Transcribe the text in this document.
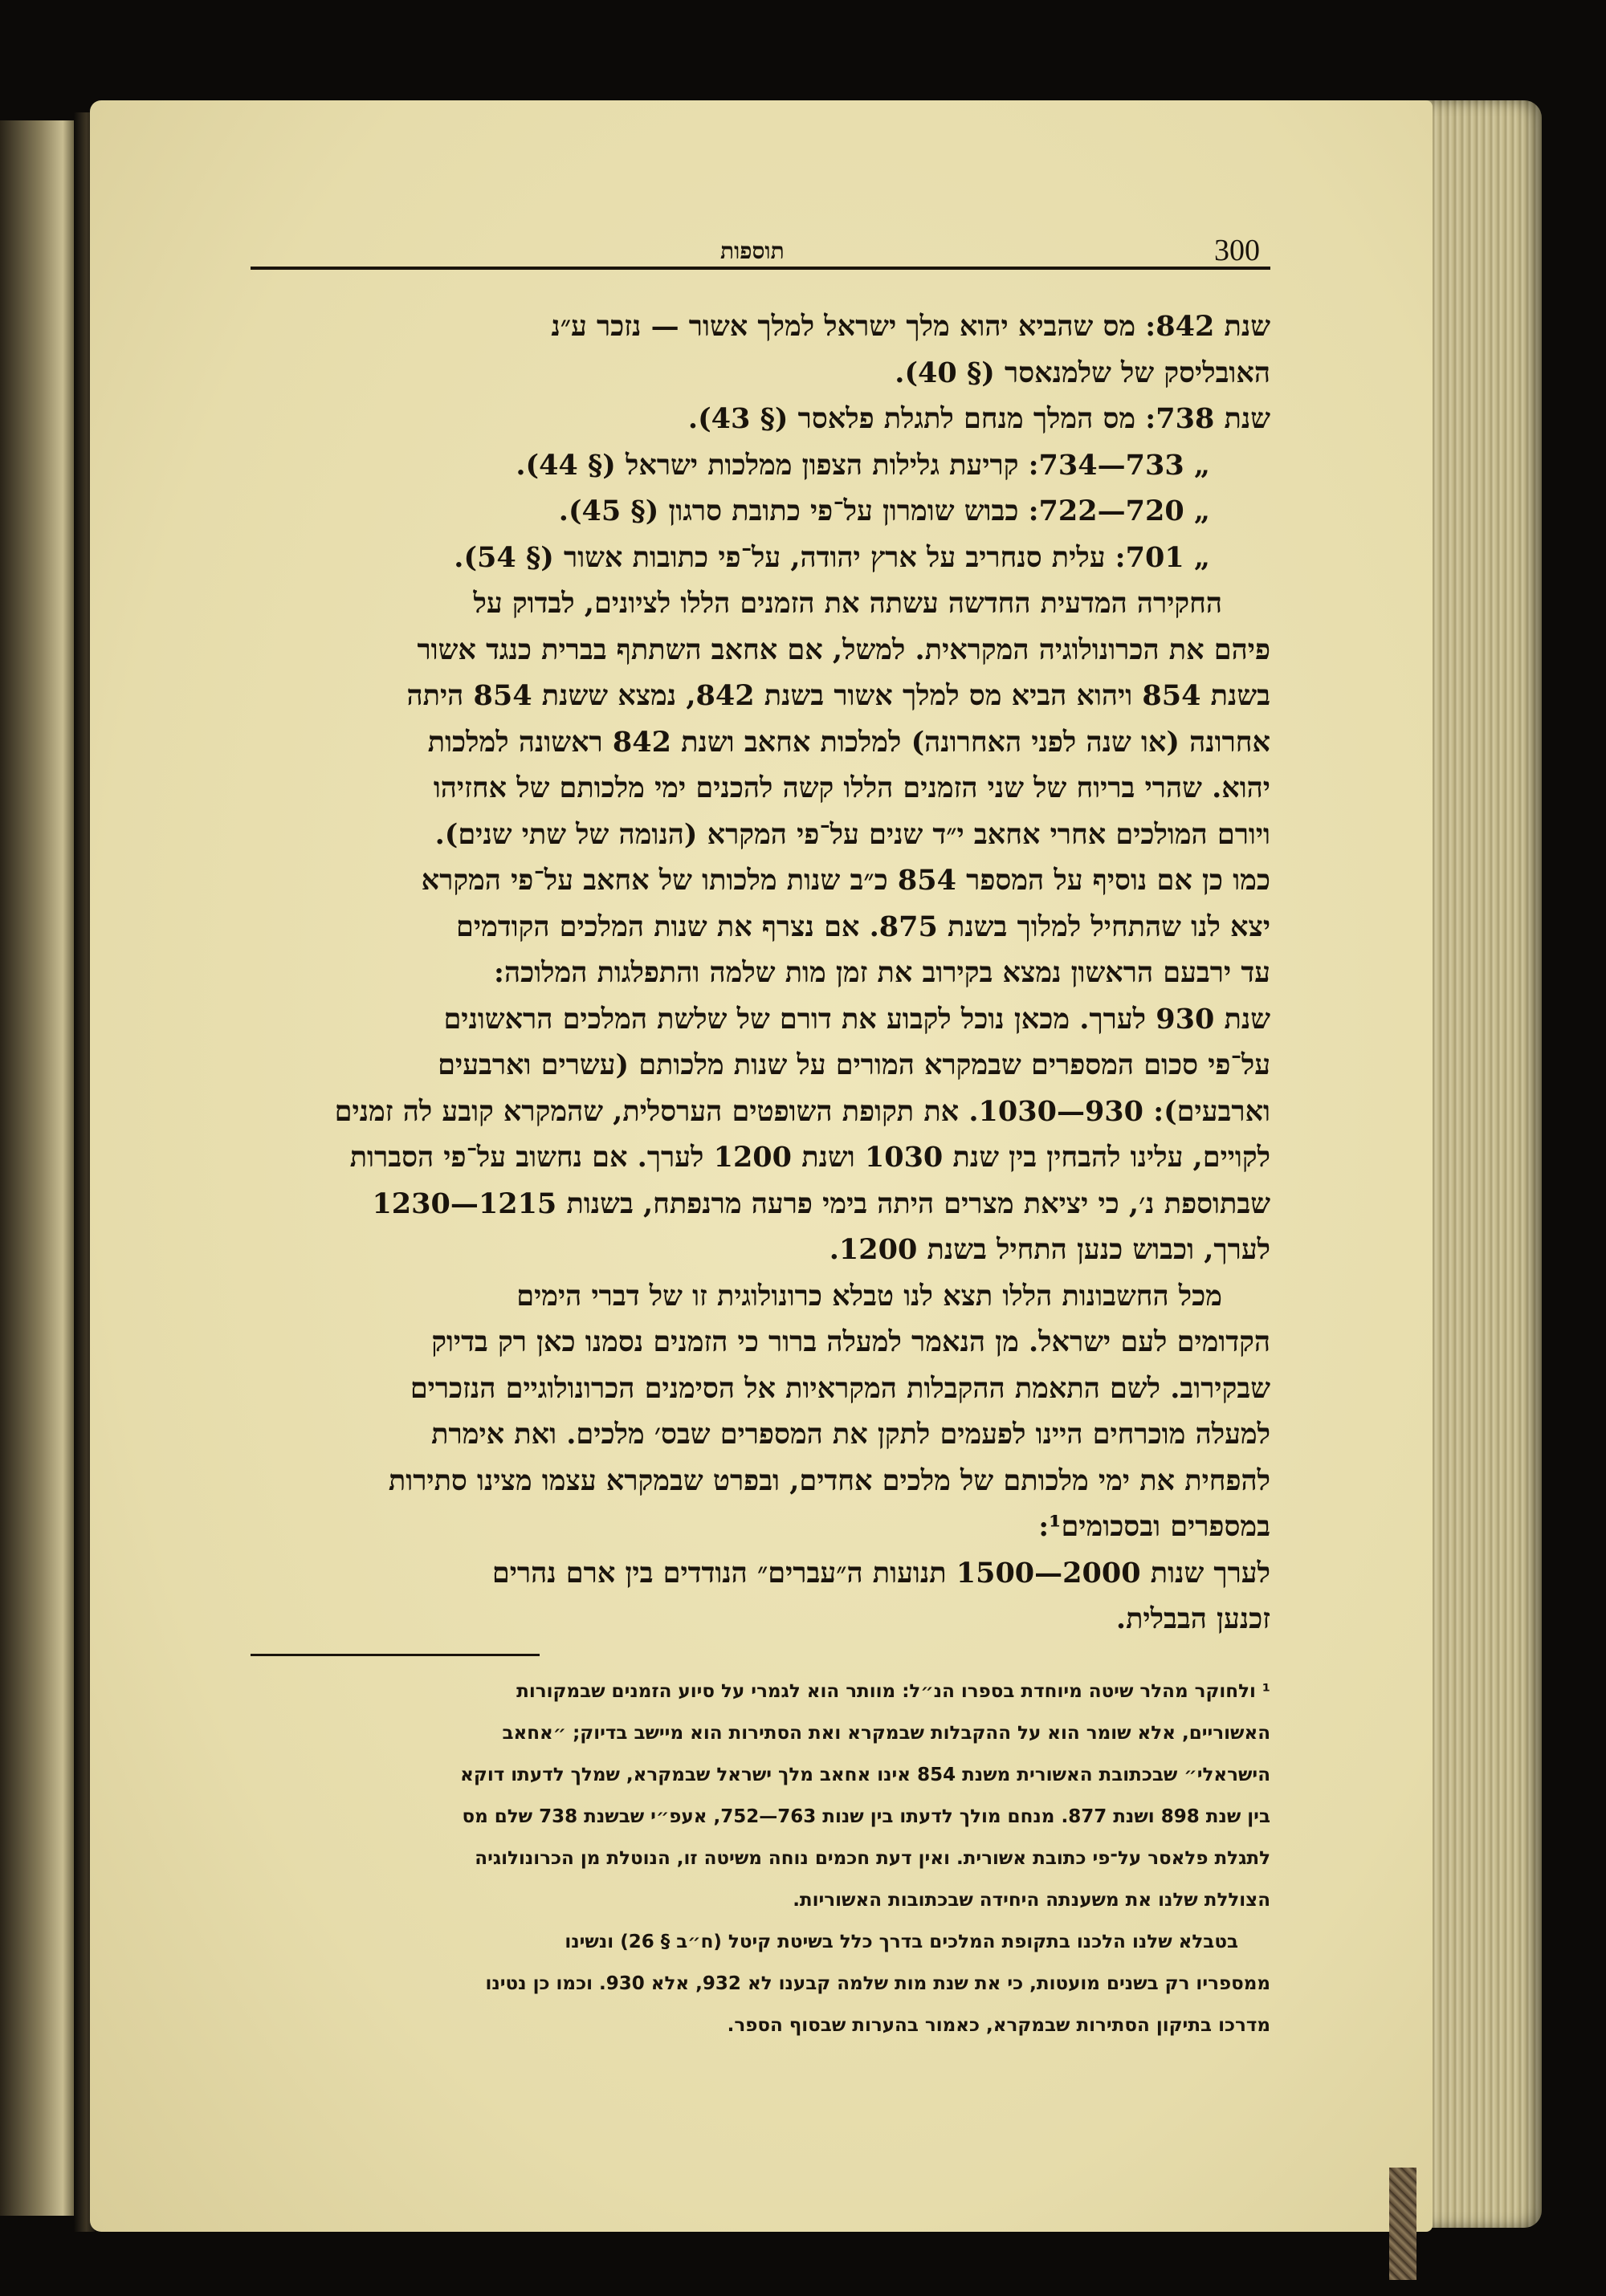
תוספות	300

שנת 842: מס שהביא יהוא מלך ישראל למלך אשור — נזכר ע״נ

האובליסק של שלמנאסר (§ 40).

שנת 738: מס המלך מנחם לתגלת פלאסר (§ 43).

„ 733—734: קריעת גלילות הצפון ממלכות ישראל (§ 44).

„ 720—722: כבוש שומרון על־פי כתובת סרגון (§ 45).

„ 701: עלית סנחריב על ארץ יהודה, על־פי כתובות אשור (§ 54).

החקירה המדעית החדשה עשתה את הזמנים הללו לציונים, לבדוק על

פיהם את הכרונולוגיה המקראית. למשל, אם אחאב השתתף בברית כנגד אשור

בשנת 854 ויהוא הביא מס למלך אשור בשנת 842, נמצא ששנת 854 היתה

אחרונה (או שנה לפני האחרונה) למלכות אחאב ושנת 842 ראשונה למלכות

יהוא. שהרי בריוח של שני הזמנים הללו קשה להכנים ימי מלכותם של אחזיהו

ויורם המולכים אחרי אחאב י״ד שנים על־פי המקרא (הנומה של שתי שנים).

כמו כן אם נוסיף על המספר 854 כ״ב שנות מלכותו של אחאב על־פי המקרא

יצא לנו שהתחיל למלוך בשנת 875. אם נצרף את שנות המלכים הקודמים

עד ירבעם הראשון נמצא בקירוב את זמן מות שלמה והתפלגות המלוכה:

שנת 930 לערך. מכאן נוכל לקבוע את דורם של שלשת המלכים הראשונים

על־פי סכום המספרים שבמקרא המורים על שנות מלכותם (עשרים וארבעים

וארבעים): 930—1030. את תקופת השופטים הערסלית, שהמקרא קובע לה זמנים

לקויים, עלינו להבחין בין שנת 1030 ושנת 1200 לערך. אם נחשוב על־פי הסברות

שבתוספת נ׳, כי יציאת מצרים היתה בימי פרעה מרנפתח, בשנות 1215—1230

לערך, וכבוש כנען התחיל בשנת 1200.

מכל החשבונות הללו תצא לנו טבלא כרונולוגית זו של דברי הימים

הקדומים לעם ישראל. מן הנאמר למעלה ברור כי הזמנים נסמנו כאן רק בדיוק

שבקירוב. לשם התאמת ההקבלות המקראיות אל הסימנים הכרונולוגיים הנזכרים

למעלה מוכרחים היינו לפעמים לתקן את המספרים שבס׳ מלכים. ואת אימרת

להפחית את ימי מלכותם של מלכים אחדים, ובפרט שבמקרא עצמו מצינו סתירות

במספרים ובסכומים¹:

לערך שנות 2000—1500 תנועות ה״עברים״ הנודדים בין ארם נהרים

זכנען הבבלית.

¹ ולחוקר מהלר שיטה מיוחדת בספרו הנ״ל: מוותר הוא לגמרי על סיוע הזמנים שבמקורות

האשוריים, אלא שומר הוא על ההקבלות שבמקרא ואת הסתירות הוא מיישב בדיוק; ״אחאב

הישראלי״ שבכתובת האשורית משנת 854 אינו אחאב מלך ישראל שבמקרא, שמלך לדעתו דוקא

בין שנת 898 ושנת 877. מנחם מולך לדעתו בין שנות 763—752, אעפ״י שבשנת 738 שלם מס

לתגלת פלאסר על־פי כתובת אשורית. ואין דעת חכמים נוחה משיטה זו, הנוטלת מן הכרונולוגיה

הצוללת שלנו את משענתה היחידה שבכתובות האשוריות.

בטבלא שלנו הלכנו בתקופת המלכים בדרך כלל בשיטת קיטל (ח״ב § 26) ונשינו

ממספריו רק בשנים מועטות, כי את שנת מות שלמה קבענו לא 932, אלא 930. וכמו כן נטינו

מדרכו בתיקון הסתירות שבמקרא, כאמור בהערות שבסוף הספר.
